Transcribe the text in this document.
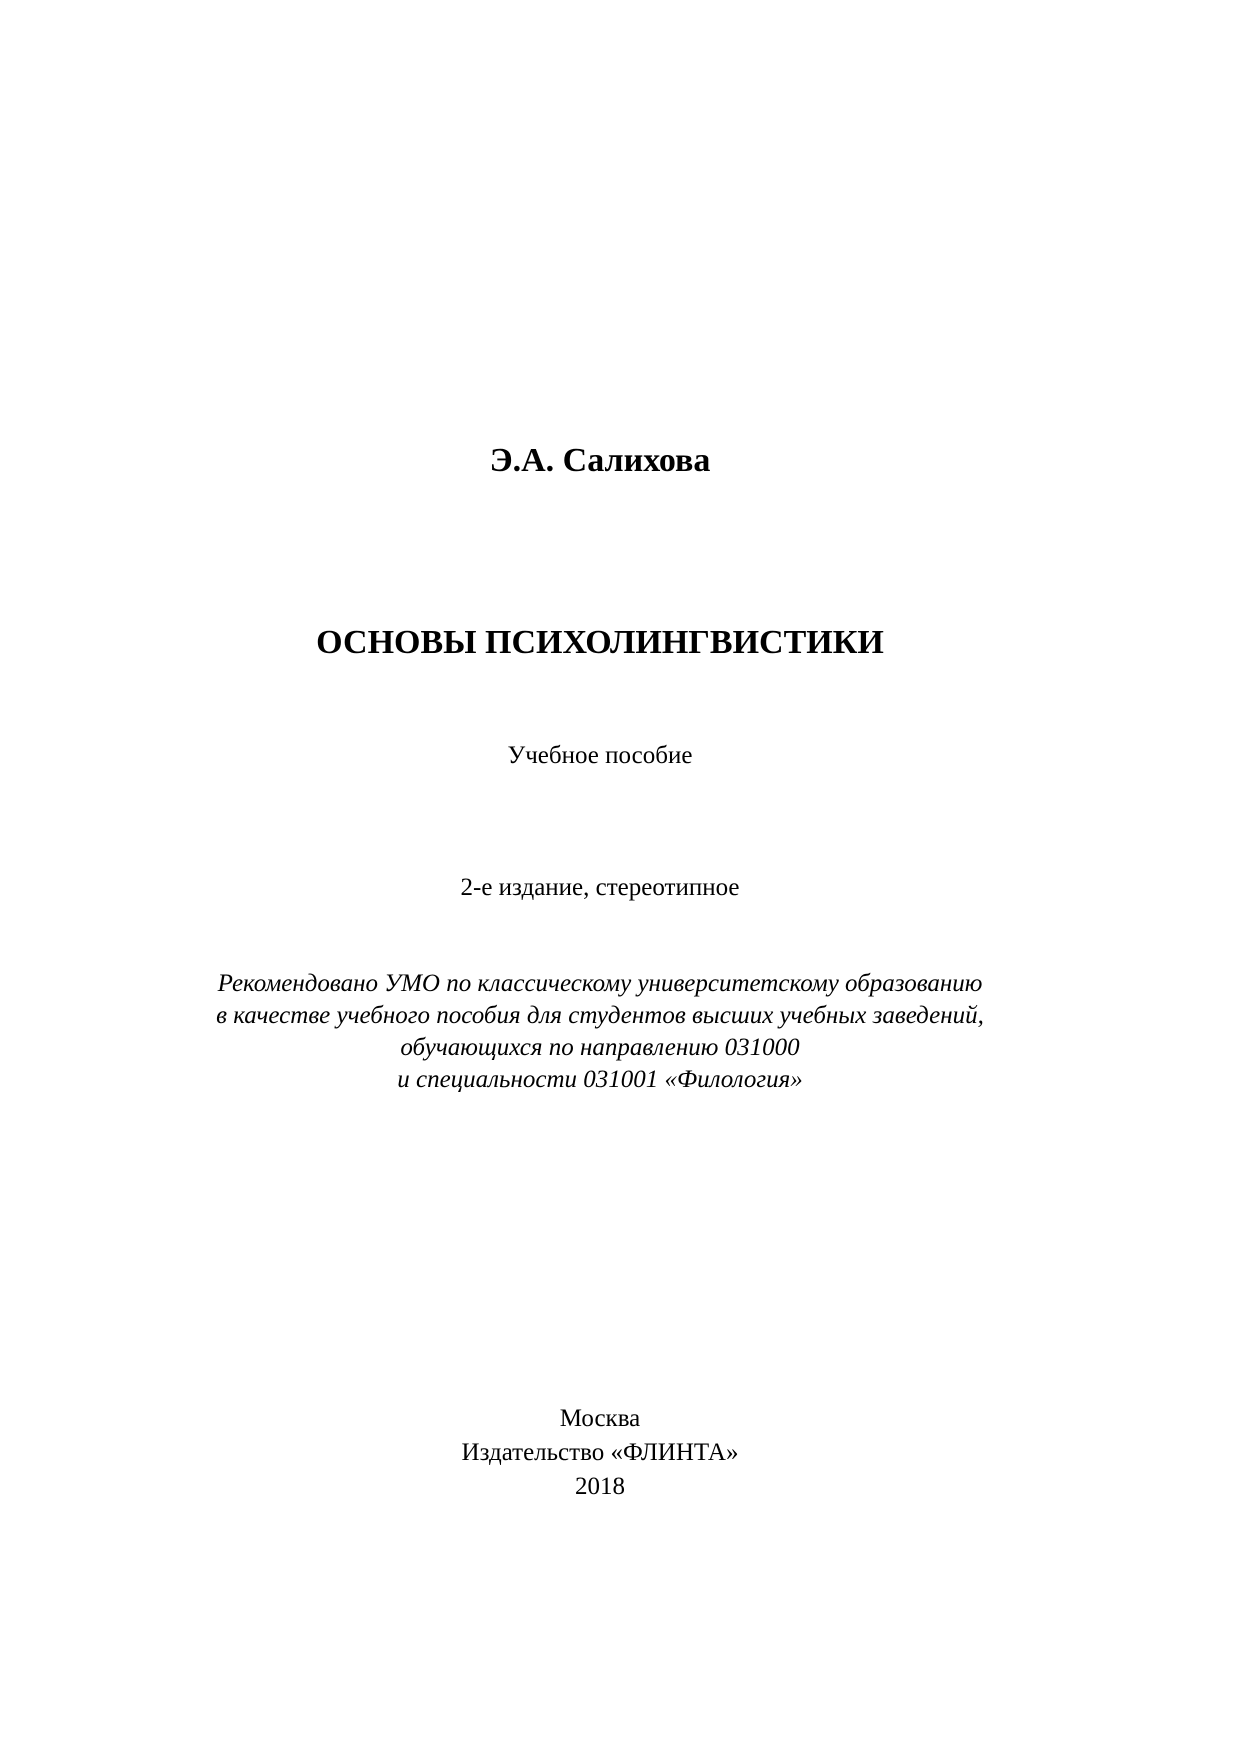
Э.А. Салихова
ОСНОВЫ ПСИХОЛИНГВИСТИКИ
Учебное пособие
2-е издание, стереотипное
Рекомендовано УМО по классическому университетскому образованию
в качестве учебного пособия для студентов высших учебных заведений,
обучающихся по направлению 031000
и специальности 031001 «Филология»
Москва
Издательство «ФЛИНТА»
2018
